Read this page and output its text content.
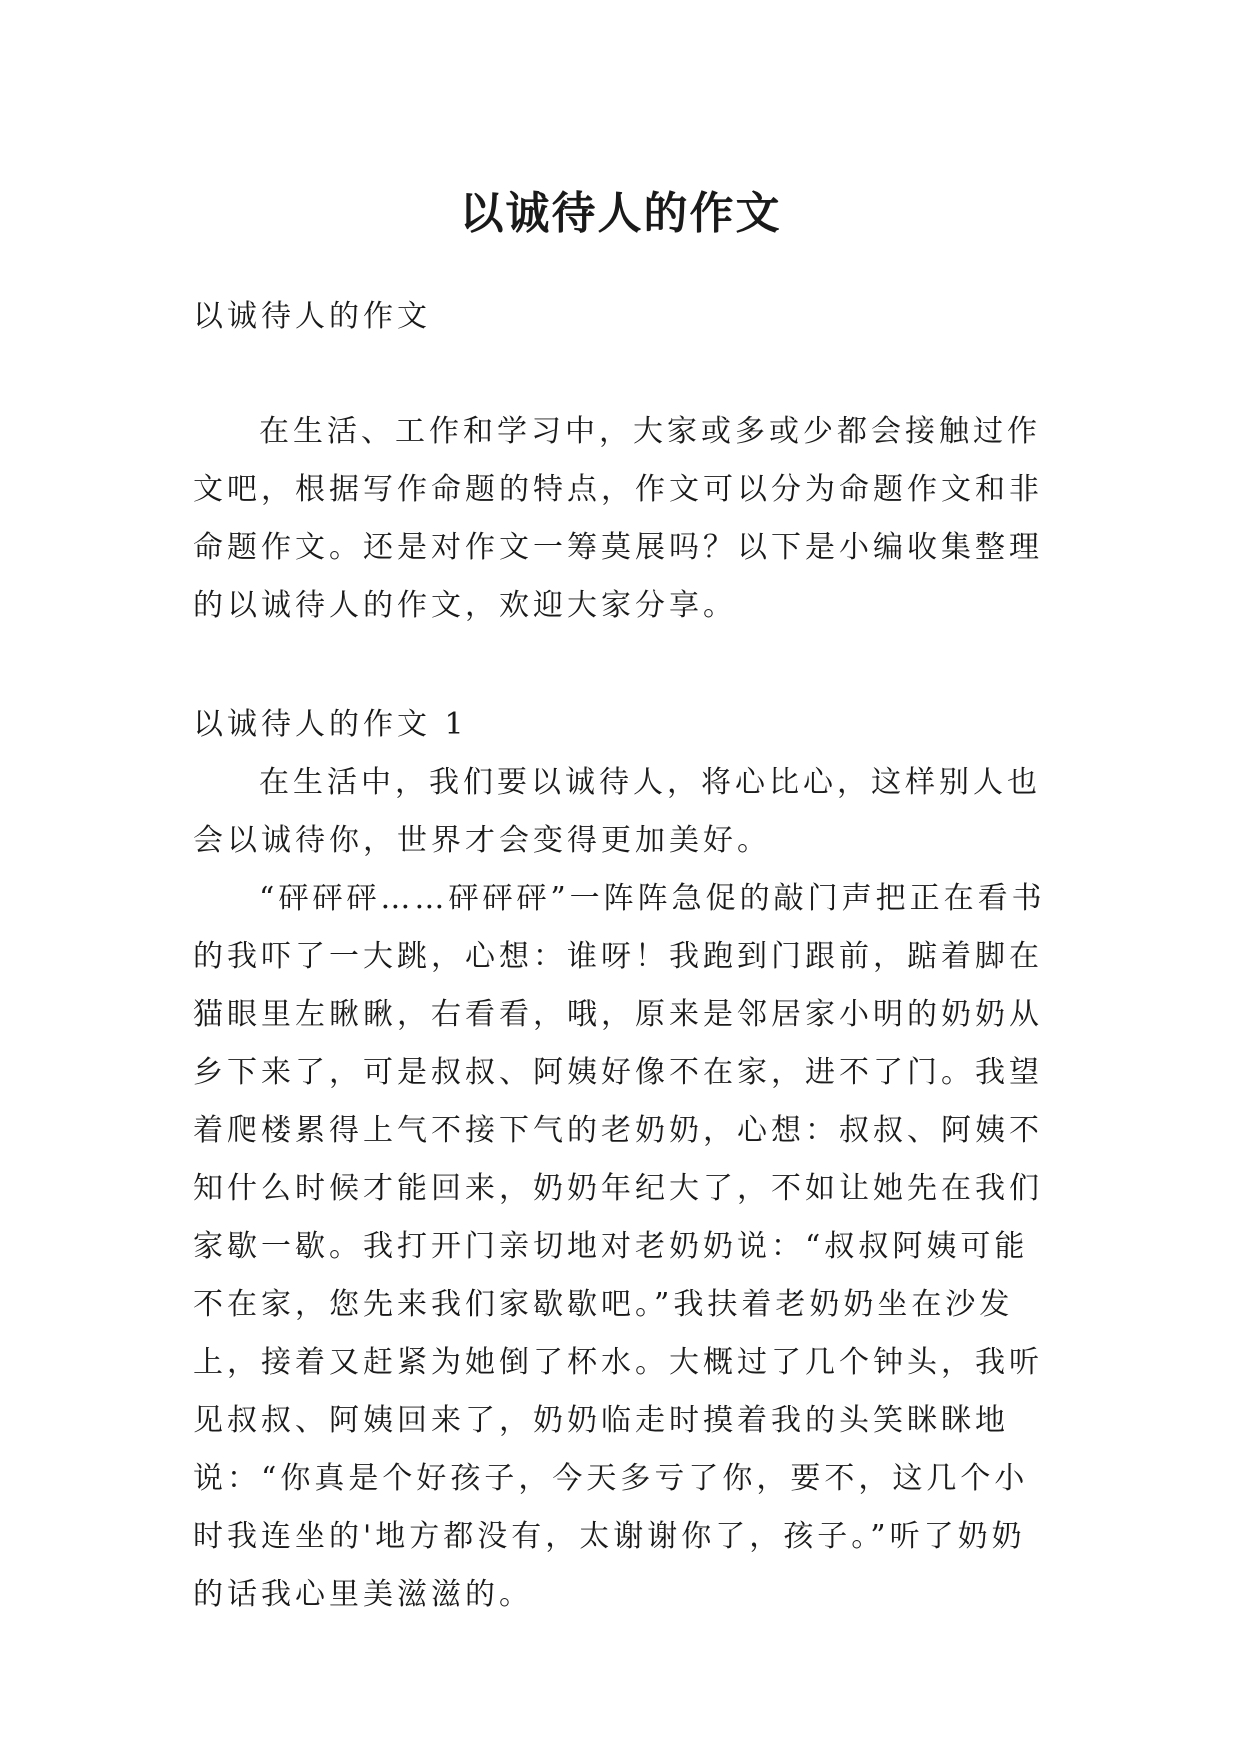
以诚待人的作文

以诚待人的作文

在生活、工作和学习中，大家或多或少都会接触过作文吧，根据写作命题的特点，作文可以分为命题作文和非命题作文。还是对作文一筹莫展吗？以下是小编收集整理的以诚待人的作文，欢迎大家分享。

以诚待人的作文 1

在生活中，我们要以诚待人，将心比心，这样别人也会以诚待你，世界才会变得更加美好。

“砰砰砰……砰砰砰”一阵阵急促的敲门声把正在看书的我吓了一大跳，心想：谁呀！我跑到门跟前，踮着脚在猫眼里左瞅瞅，右看看，哦，原来是邻居家小明的奶奶从乡下来了，可是叔叔、阿姨好像不在家，进不了门。我望着爬楼累得上气不接下气的老奶奶，心想：叔叔、阿姨不知什么时候才能回来，奶奶年纪大了，不如让她先在我们家歇一歇。我打开门亲切地对老奶奶说：“叔叔阿姨可能不在家，您先来我们家歇歇吧。”我扶着老奶奶坐在沙发上，接着又赶紧为她倒了杯水。大概过了几个钟头，我听见叔叔、阿姨回来了，奶奶临走时摸着我的头笑眯眯地说：“你真是个好孩子，今天多亏了你，要不，这几个小时我连坐的'地方都没有，太谢谢你了，孩子。”听了奶奶的话我心里美滋滋的。
